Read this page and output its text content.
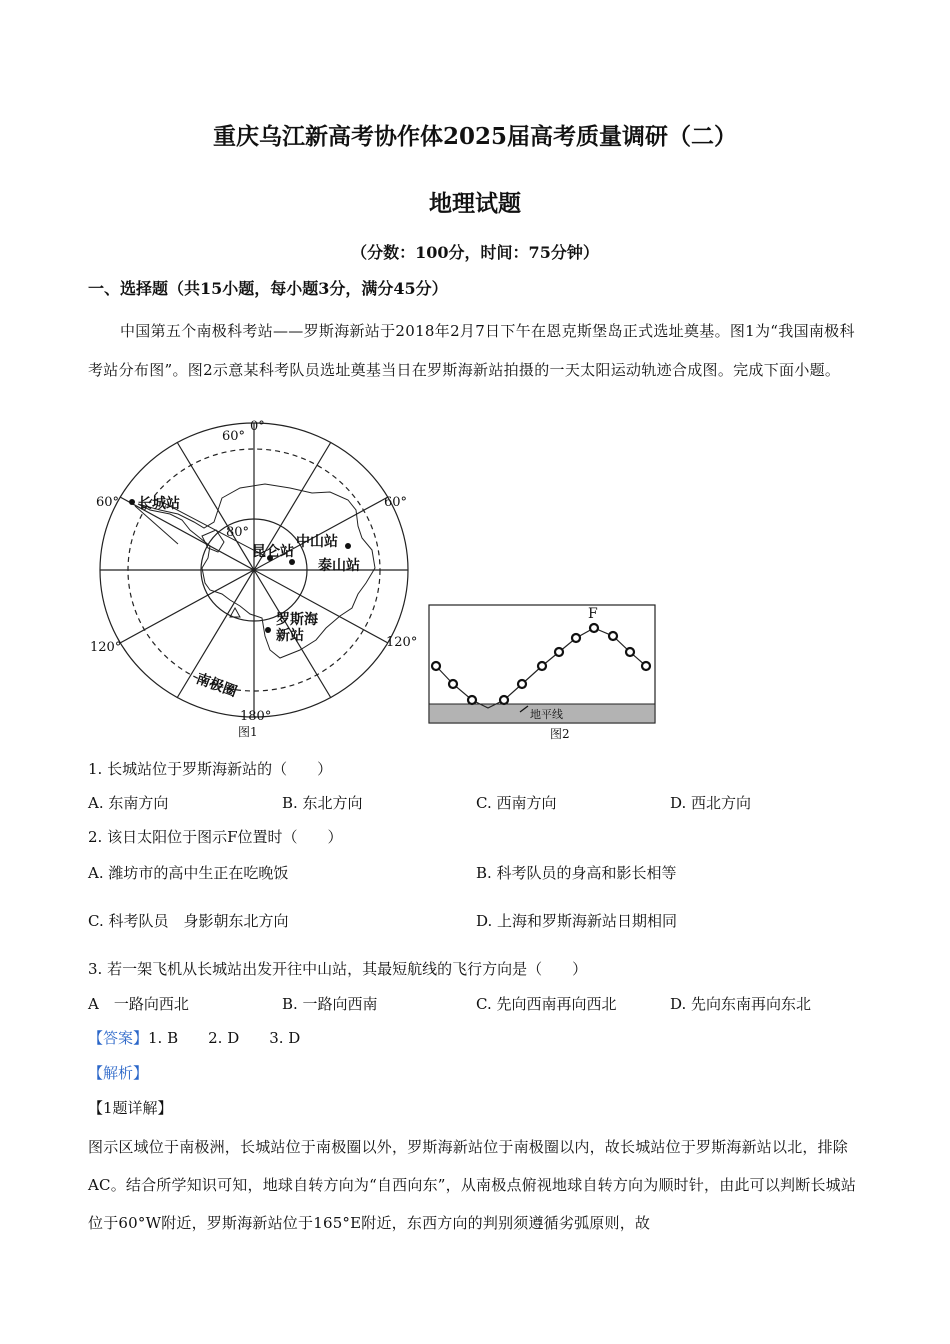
重庆乌江新高考协作体2025届高考质量调研（二）
地理试题
（分数：100分，时间：75分钟）
一、选择题（共15小题，每小题3分，满分45分）
中国第五个南极科考站——罗斯海新站于2018年2月7日下午在恩克斯堡岛正式选址奠基。图1为“我国南极科考站分布图”。图2示意某科考队员选址奠基当日在罗斯海新站拍摄的一天太阳运动轨迹合成图。完成下面小题。
0°
60°
60°	60°
80°
120°	120°
180°
长城站
中山站
昆仑站
泰山站
罗斯海
新站
南极圈
图1
F
地平线
图2
1. 长城站位于罗斯海新站的（　　）
A. 东南方向	B. 东北方向	C. 西南方向	D. 西北方向
2. 该日太阳位于图示F位置时（　　）
A. 潍坊市的高中生正在吃晚饭	B. 科考队员的身高和影长相等
C. 科考队员　身影朝东北方向	D. 上海和罗斯海新站日期相同
3. 若一架飞机从长城站出发开往中山站，其最短航线的飞行方向是（　　）
A　一路向西北	B. 一路向西南	C. 先向西南再向西北	D. 先向东南再向东北
【答案】1. B　　2. D　　3. D
【解析】
【1题详解】
图示区域位于南极洲，长城站位于南极圈以外，罗斯海新站位于南极圈以内，故长城站位于罗斯海新站以北，排除AC。结合所学知识可知，地球自转方向为“自西向东”，从南极点俯视地球自转方向为顺时针，由此可以判断长城站位于60°W附近，罗斯海新站位于165°E附近，东西方向的判别须遵循劣弧原则，故
